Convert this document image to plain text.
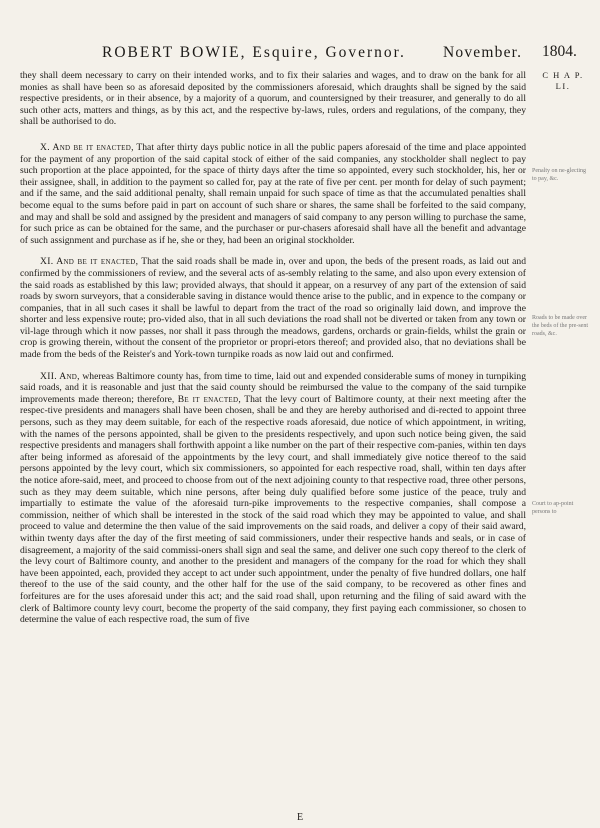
ROBERT BOWIE, Esquire, Governor. November. 1804.
C H A P.
LI.
Penalty on ne-glecting to pay, &c.
Roads to be made over the beds of the pre-sent roads, &c.
Court to ap-point persons to

they shall deem necessary to carry on their intended works, and to fix their salaries and wages, and to draw on the bank for all monies as shall have been so as aforesaid deposited by the commissioners aforesaid, which draughts shall be signed by the said respective presidents, or in their absence, by a majority of a quorum, and countersigned by their treasurer, and generally to do all such other acts, matters and things, as by this act, and the respective by-laws, rules, orders and regulations, of the company, they shall be authorised to do.

X. And be it enacted, That after thirty days public notice in all the public papers aforesaid of the time and place appointed for the payment of any proportion of the said capital stock of either of the said companies, any stockholder shall neglect to pay such proportion at the place appointed, for the space of thirty days after the time so appointed, every such stockholder, his, her or their assignee, shall, in addition to the payment so called for, pay at the rate of five per cent. per month for delay of such payment; and if the same, and the said additional penalty, shall remain unpaid for such space of time as that the accumulated penalties shall become equal to the sums before paid in part on account of such share or shares, the same shall be forfeited to the said company, and may and shall be sold and assigned by the president and managers of said company to any person willing to purchase the same, for such price as can be obtained for the same, and the purchaser or pur-chasers aforesaid shall have all the benefit and advantage of such assignment and purchase as if he, she or they, had been an original stockholder.

XI. And be it enacted, That the said roads shall be made in, over and upon, the beds of the present roads, as laid out and confirmed by the commissioners of review, and the several acts of as-sembly relating to the same, and also upon every extension of the said roads as established by this law; provided always, that should it appear, on a resurvey of any part of the extension of said roads by sworn surveyors, that a considerable saving in distance would thence arise to the public, and in expence to the company or companies, that in all such cases it shall be lawful to depart from the tract of the road so originally laid down, and improve the shorter and less expensive route; pro-vided also, that in all such deviations the road shall not be diverted or taken from any town or vil-lage through which it now passes, nor shall it pass through the meadows, gardens, orchards or grain-fields, whilst the grain or crop is growing therein, without the consent of the proprietor or propri-etors thereof; and provided also, that no deviations shall be made from the beds of the Reister's and York-town turnpike roads as now laid out and confirmed.

XII. And, whereas Baltimore county has, from time to time, laid out and expended considerable sums of money in turnpiking said roads, and it is reasonable and just that the said county should be reimbursed the value to the company of the said turnpike improvements made thereon; therefore, Be it enacted, That the levy court of Baltimore county, at their next meeting after the respec-tive presidents and managers shall have been chosen, shall be and they are hereby authorised and di-rected to appoint three persons, such as they may deem suitable, for each of the respective roads aforesaid, due notice of which appointment, in writing, with the names of the persons appointed, shall be given to the presidents respectively, and upon such notice being given, the said respective presidents and managers shall forthwith appoint a like number on the part of their respective com-panies, within ten days after being informed as aforesaid of the appointments by the levy court, and shall immediately give notice thereof to the said persons appointed by the levy court, which six commissioners, so appointed for each respective road, shall, within ten days after the notice afore-said, meet, and proceed to choose from out of the next adjoining county to that respective road, three other persons, such as they may deem suitable, which nine persons, after being duly qualified before some justice of the peace, truly and impartially to estimate the value of the aforesaid turn-pike improvements to the respective companies, shall compose a commission, neither of which shall be interested in the stock of the said road which they may be appointed to value, and shall proceed to value and determine the then value of the said improvements on the said roads, and deliver a copy of their said award, within twenty days after the day of the first meeting of said commissioners, under their respective hands and seals, or in case of disagreement, a majority of the said commissi-oners shall sign and seal the same, and deliver one such copy thereof to the clerk of the levy court of Baltimore county, and another to the president and managers of the company for the road for which they shall have been appointed, each, provided they accept to act under such appointment, under the penalty of five hundred dollars, one half thereof to the use of the said county, and the other half for the use of the said company, to be recovered as other fines and forfeitures are for the uses aforesaid under this act; and the said road shall, upon returning and the filing of said award with the clerk of Baltimore county levy court, become the property of the said company, they first paying each commissioner, so chosen to determine the value of each respective road, the sum of five

E
